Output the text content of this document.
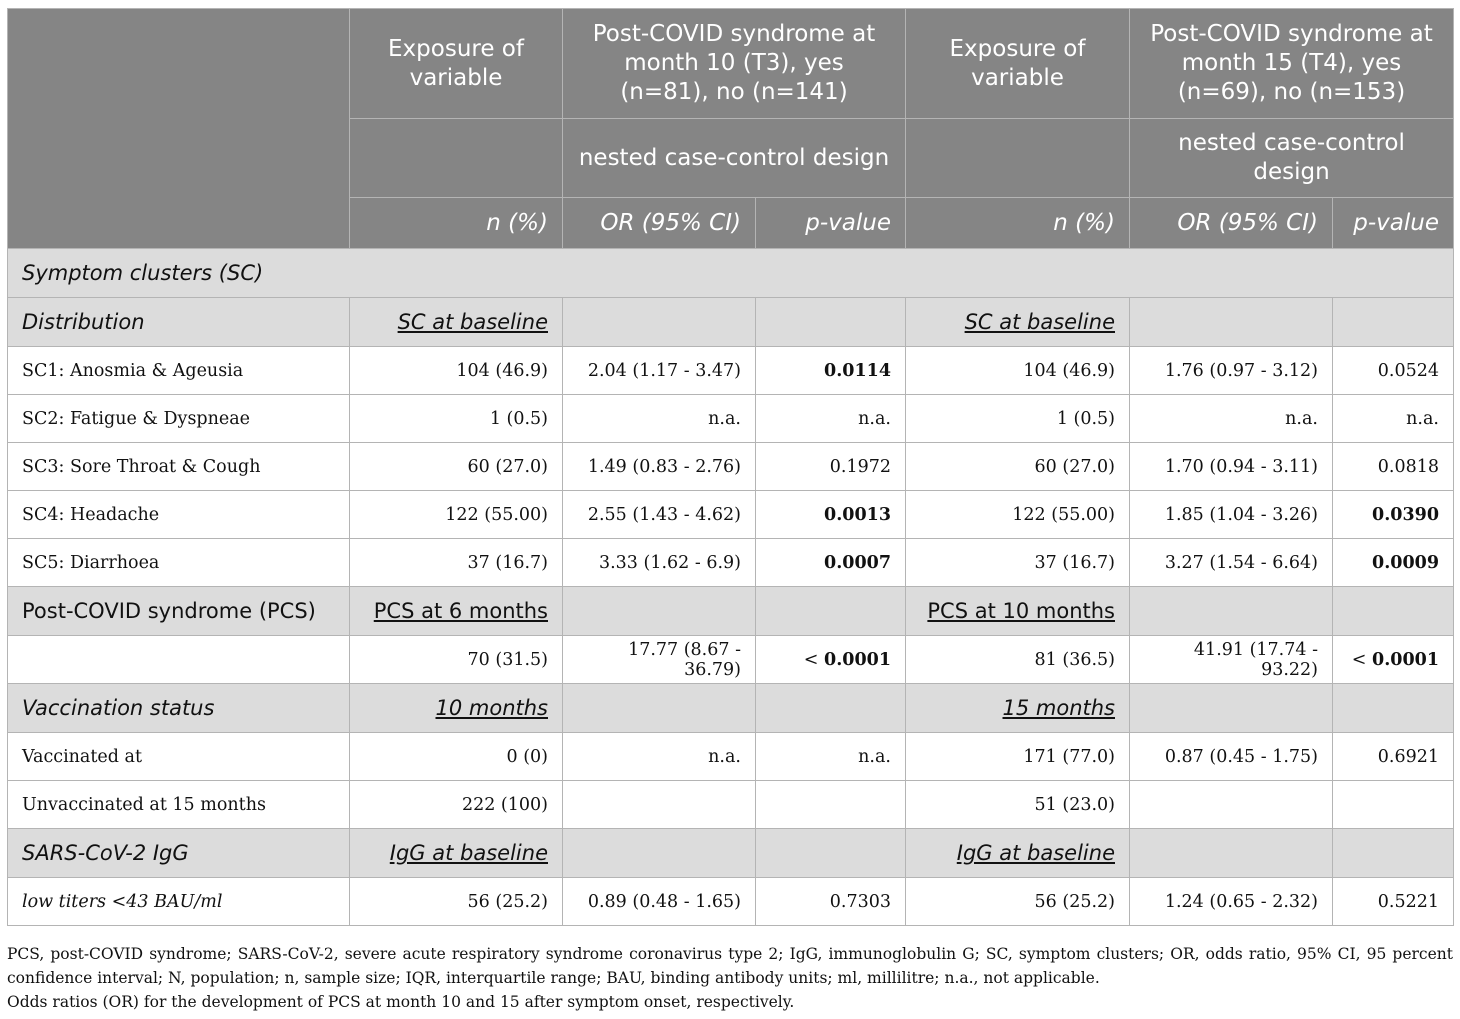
	Exposure of variable	Post-COVID syndrome at month 10 (T3), yes (n=81), no (n=141)		Exposure of variable	Post-COVID syndrome at month 15 (T4), yes (n=69), no (n=153)	
		nested case-control design			nested case-control design	
	n (%)	OR (95% CI)	p-value	n (%)	OR (95% CI)	p-value
Symptom clusters (SC)						
Distribution	SC at baseline			SC at baseline		
SC1: Anosmia & Ageusia	104 (46.9)	2.04 (1.17 - 3.47)	0.0114	104 (46.9)	1.76 (0.97 - 3.12)	0.0524
SC2: Fatigue & Dyspneae	1 (0.5)	n.a.	n.a.	1 (0.5)	n.a.	n.a.
SC3: Sore Throat & Cough	60 (27.0)	1.49 (0.83 - 2.76)	0.1972	60 (27.0)	1.70 (0.94 - 3.11)	0.0818
SC4: Headache	122 (55.00)	2.55 (1.43 - 4.62)	0.0013	122 (55.00)	1.85 (1.04 - 3.26)	0.0390
SC5: Diarrhoea	37 (16.7)	3.33 (1.62 - 6.9)	0.0007	37 (16.7)	3.27 (1.54 - 6.64)	0.0009
Post-COVID syndrome (PCS)	PCS at 6 months			PCS at 10 months		
	70 (31.5)	17.77 (8.67 - 36.79)	< 0.0001	81 (36.5)	41.91 (17.74 - 93.22)	< 0.0001
Vaccination status	10 months			15 months		
Vaccinated at	0 (0)	n.a.	n.a.	171 (77.0)	0.87 (0.45 - 1.75)	0.6921
Unvaccinated at 15 months	222 (100)			51 (23.0)		
SARS-CoV-2 IgG	IgG at baseline			IgG at baseline		
low titers <43 BAU/ml	56 (25.2)	0.89 (0.48 - 1.65)	0.7303	56 (25.2)	1.24 (0.65 - 2.32)	0.5221

PCS, post-COVID syndrome; SARS-CoV-2, severe acute respiratory syndrome coronavirus type 2; IgG, immunoglobulin G; SC, symptom clusters; OR, odds ratio, 95% CI, 95 percent confidence interval; N, population; n, sample size; IQR, interquartile range; BAU, binding antibody units; ml, millilitre; n.a., not applicable.

Odds ratios (OR) for the development of PCS at month 10 and 15 after symptom onset, respectively.
